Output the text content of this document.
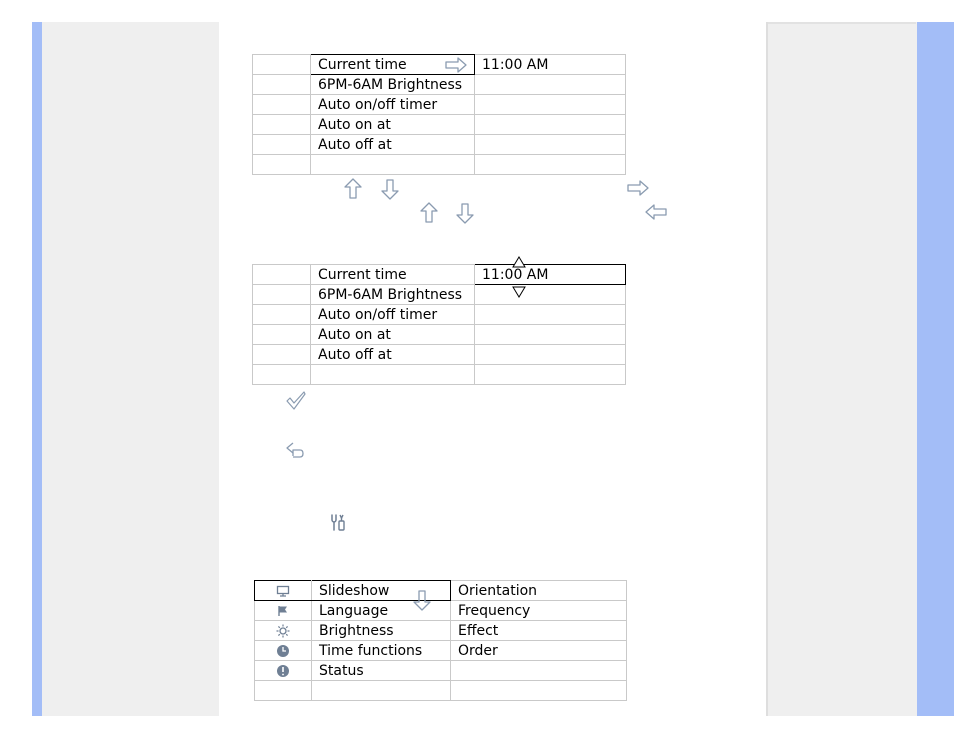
	Current time	11:00 AM
	6PM-6AM Brightness	
	Auto on/off timer	
	Auto on at	
	Auto off at	

	Current time	11:00 AM
	6PM-6AM Brightness	
	Auto on/off timer	
	Auto on at	
	Auto off at	

	Slideshow	Orientation
	Language	Frequency
	Brightness	Effect
	Time functions	Order
	Status	
